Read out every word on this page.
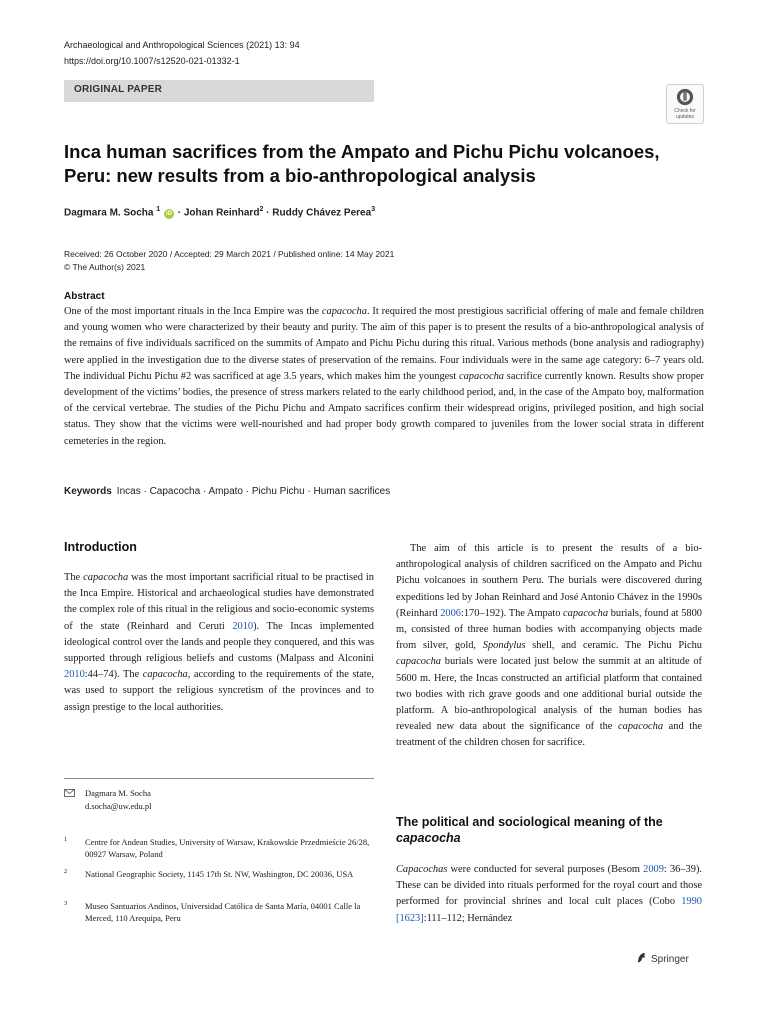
Archaeological and Anthropological Sciences (2021) 13: 94
https://doi.org/10.1007/s12520-021-01332-1
ORIGINAL PAPER
Check for updates
Inca human sacrifices from the Ampato and Pichu Pichu volcanoes, Peru: new results from a bio-anthropological analysis
Dagmara M. Socha $^1$ iD · Johan Reinhard$^2$ · Ruddy Chávez Perea$^3$
Received: 26 October 2020 / Accepted: 29 March 2021 / Published online: 14 May 2021
© The Author(s) 2021
Abstract
One of the most important rituals in the Inca Empire was the capacocha. It required the most prestigious sacrificial offering of male and female children and young women who were characterized by their beauty and purity. The aim of this paper is to present the results of a bio-anthropological analysis of the remains of five individuals sacrificed on the summits of Ampato and Pichu Pichu during this ritual. Various methods (bone analysis and radiography) were applied in the investigation due to the diverse states of preservation of the remains. Four individuals were in the same age category: 6–7 years old. The individual Pichu Pichu #2 was sacrificed at age 3.5 years, which makes him the youngest capacocha sacrifice currently known. Results show proper development of the victims’ bodies, the presence of stress markers related to the early childhood period, and, in the case of the Ampato boy, malformation of the cervical vertebrae. The studies of the Pichu Pichu and Ampato sacrifices confirm their widespread origins, privileged position, and high social status. They show that the victims were well-nourished and had proper body growth compared to juveniles from the lower social strata in different cemeteries in the region.
Keywords Incas · Capacocha · Ampato · Pichu Pichu · Human sacrifices
Introduction
The capacocha was the most important sacrificial ritual to be practised in the Inca Empire. Historical and archaeological studies have demonstrated the complex role of this ritual in the religious and socio-economic systems of the state (Reinhard and Ceruti 2010). The Incas implemented ideological control over the lands and people they conquered, and this was supported through religious beliefs and customs (Malpass and Alconini 2010:44–74). The capacocha, according to the requirements of the state, was used to support the religious syncretism of the provinces and to assign prestige to the local authorities.
The aim of this article is to present the results of a bio-anthropological analysis of children sacrificed on the Ampato and Pichu Pichu volcanoes in southern Peru. The burials were discovered during expeditions led by Johan Reinhard and José Antonio Chávez in the 1990s (Reinhard 2006:170–192). The Ampato capacocha burials, found at 5800 m, consisted of three human bodies with accompanying objects made from silver, gold, Spondylus shell, and ceramic. The Pichu Pichu capacocha burials were located just below the summit at an altitude of 5600 m. Here, the Incas constructed an artificial platform that contained two bodies with rich grave goods and one additional burial outside the platform. A bio-anthropological analysis of the human bodies has revealed new data about the significance of the capacocha and the treatment of the children chosen for sacrifice.
The political and sociological meaning of the capacocha
Capacochas were conducted for several purposes (Besom 2009: 36–39). These can be divided into rituals performed for the royal court and those performed for provincial shrines and local cult places (Cobo 1990 [1623]:111–112; Hernández
Dagmara M. Socha
d.socha@uw.edu.pl
1 Centre for Andean Studies, University of Warsaw, Krakowskie Przedmieście 26/28, 00927 Warsaw, Poland
2 National Geographic Society, 1145 17th St. NW, Washington, DC 20036, USA
3 Museo Santuarios Andinos, Universidad Católica de Santa María, 04001 Calle la Merced, 110 Arequipa, Peru
Springer
